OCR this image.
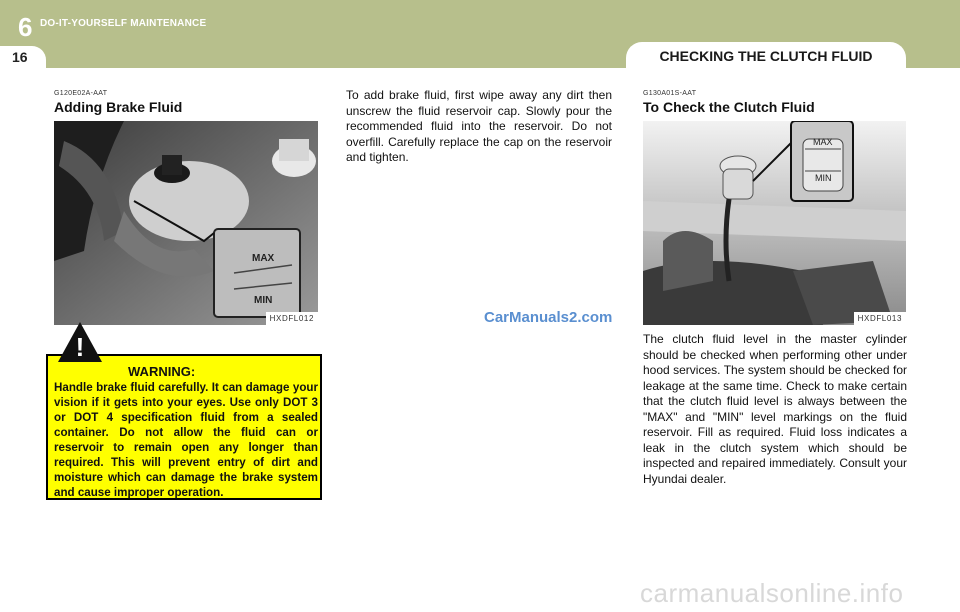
6 DO-IT-YOURSELF MAINTENANCE
16	CHECKING THE CLUTCH FLUID
G120E02A-AAT
Adding Brake Fluid
MAX
MIN
HXDFL012
!
WARNING:
Handle brake fluid carefully. It can damage your vision if it gets into your eyes. Use only DOT 3 or DOT 4 specification fluid from a sealed container. Do not allow the fluid can or reservoir to remain open any longer than required. This will prevent entry of dirt and moisture which can damage the brake system and cause improper operation.
To add brake fluid, first wipe away any dirt then unscrew the fluid reservoir cap. Slowly pour the recommended fluid into the reservoir. Do not overfill. Carefully replace the cap on the reservoir and tighten.
CarManuals2.com
G130A01S-AAT
To Check the Clutch Fluid
MAX
MIN
HXDFL013
The clutch fluid level in the master cylinder should be checked when performing other under hood services. The system should be checked for leakage at the same time. Check to make certain that the clutch fluid level is always between the "MAX" and "MIN" level markings on the fluid reservoir. Fill as required. Fluid loss indicates a leak in the clutch system which should be inspected and repaired immediately. Consult your Hyundai dealer.
carmanualsonline.info
